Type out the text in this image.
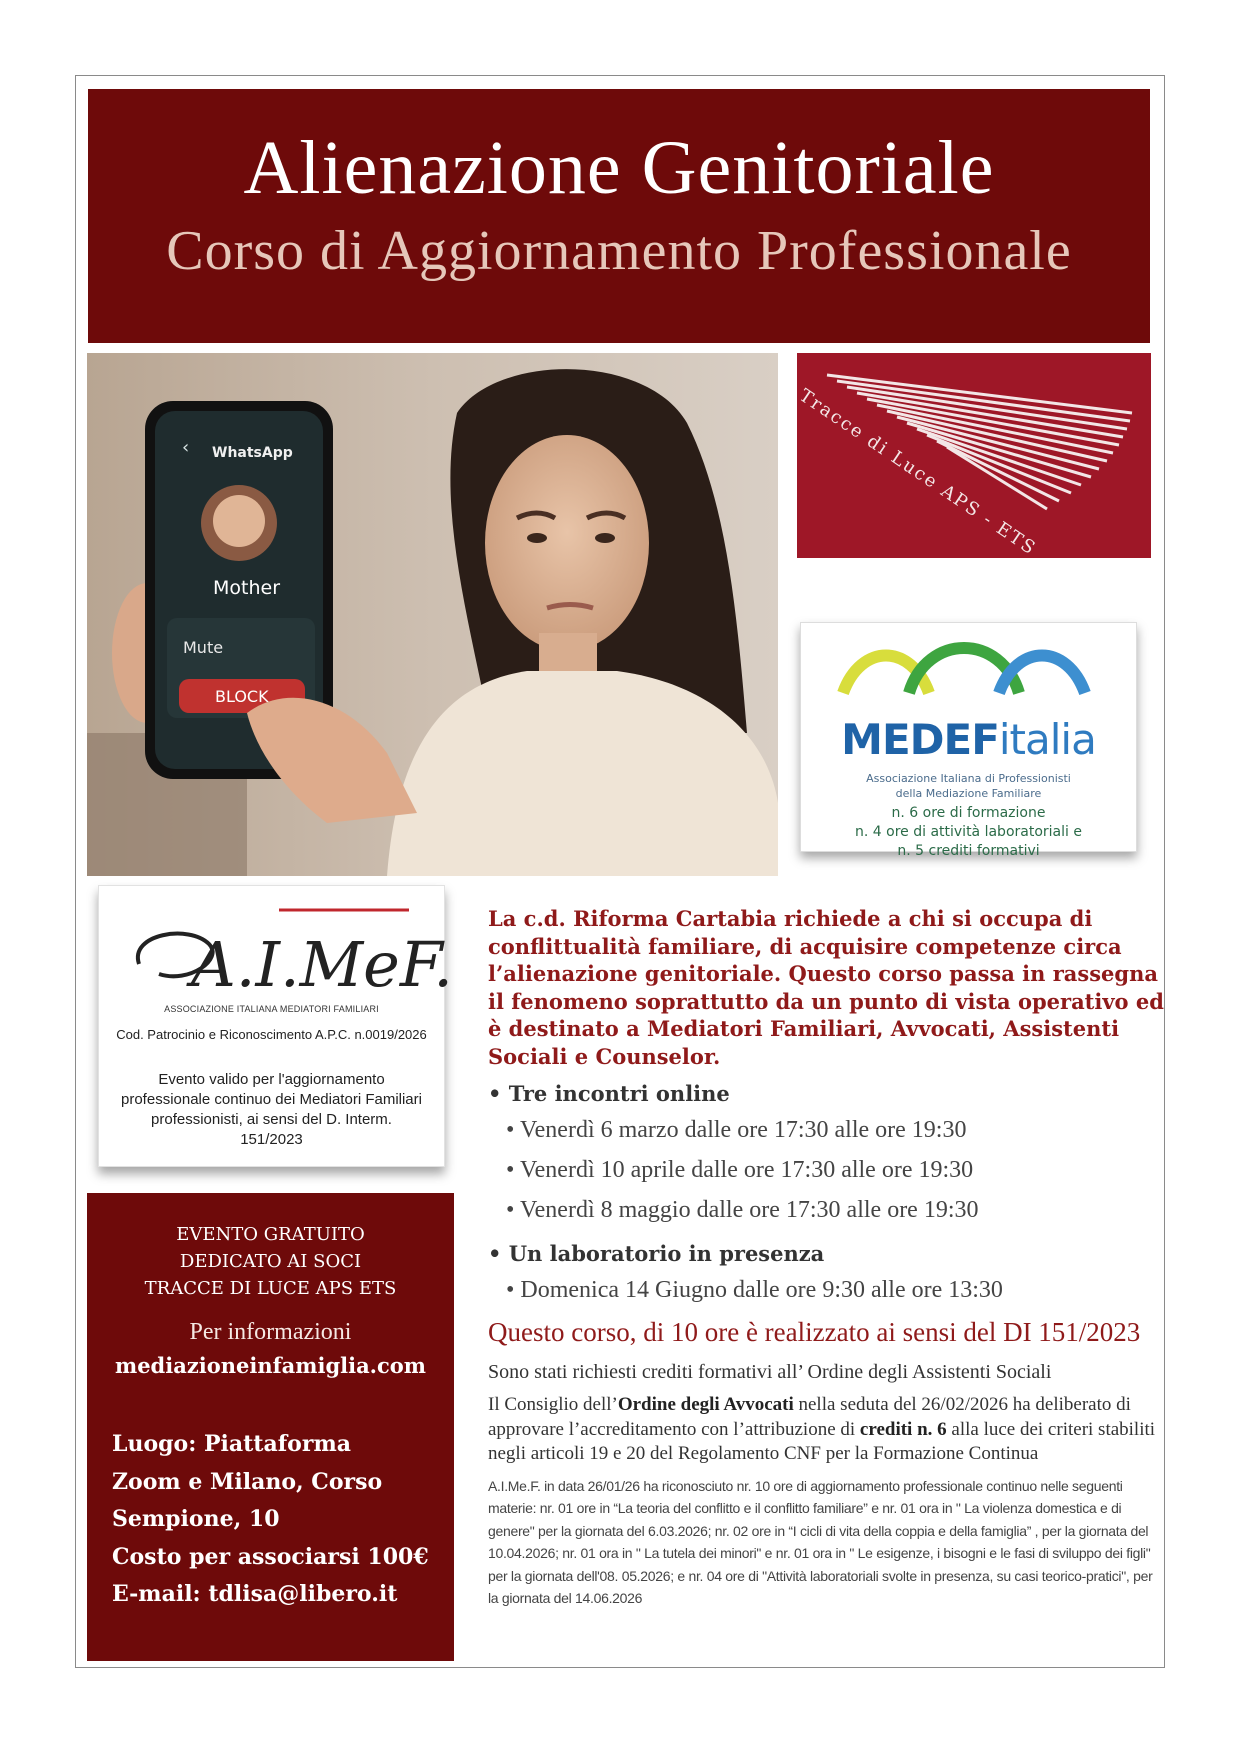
Alienazione Genitoriale
Corso di Aggiornamento Professionale
‹ WhatsApp
Mother
Mute
BLOCK
Tracce di Luce APS - ETS
MEDEFitalia
Associazione Italiana di Professionisti
della Mediazione Familiare
n. 6 ore di formazione
n. 4 ore di attività laboratoriali e
n. 5 crediti formativi
A.I.MeF.
ASSOCIAZIONE ITALIANA MEDIATORI FAMILIARI
Cod. Patrocinio e Riconoscimento A.P.C. n.0019/2026
Evento valido per l'aggiornamento professionale continuo dei Mediatori Familiari professionisti, ai sensi del D. Interm. 151/2023
EVENTO GRATUITO
DEDICATO AI SOCI
TRACCE DI LUCE APS ETS
Per informazioni
mediazioneinfamiglia.com
Luogo: Piattaforma
Zoom e Milano, Corso
Sempione, 10
Costo per associarsi 100€
E-mail: tdlisa@libero.it

La c.d. Riforma Cartabia richiede a chi si occupa di conflittualità familiare, di acquisire competenze circa l’alienazione genitoriale. Questo corso passa in rassegna il fenomeno soprattutto da un punto di vista operativo ed è destinato a Mediatori Familiari, Avvocati, Assistenti Sociali e Counselor.

• Tre incontri online

• Venerdì 6 marzo dalle ore 17:30 alle ore 19:30
• Venerdì 10 aprile dalle ore 17:30 alle ore 19:30
• Venerdì 8 maggio dalle ore 17:30 alle ore 19:30

• Un laboratorio in presenza

• Domenica 14 Giugno dalle ore 9:30 alle ore 13:30

Questo corso, di 10 ore è realizzato ai sensi del DI 151/2023

Sono stati richiesti crediti formativi all’ Ordine degli Assistenti Sociali

Il Consiglio dell’Ordine degli Avvocati nella seduta del 26/02/2026 ha deliberato di approvare l’accreditamento con l’attribuzione di crediti n. 6 alla luce dei criteri stabiliti negli articoli 19 e 20 del Regolamento CNF per la Formazione Continua

A.I.Me.F. in data 26/01/26 ha riconosciuto nr. 10 ore di aggiornamento professionale continuo nelle seguenti materie: nr. 01 ore in “La teoria del conflitto e il conflitto familiare” e nr. 01 ora in " La violenza domestica e di genere" per la giornata del 6.03.2026; nr. 02 ore in “I cicli di vita della coppia e della famiglia” , per la giornata del 10.04.2026; nr. 01 ora in " La tutela dei minori" e nr. 01 ora in " Le esigenze, i bisogni e le fasi di sviluppo dei figli" per la giornata dell'08. 05.2026; e nr. 04 ore di "Attività laboratoriali svolte in presenza, su casi teorico-pratici", per la giornata del 14.06.2026
